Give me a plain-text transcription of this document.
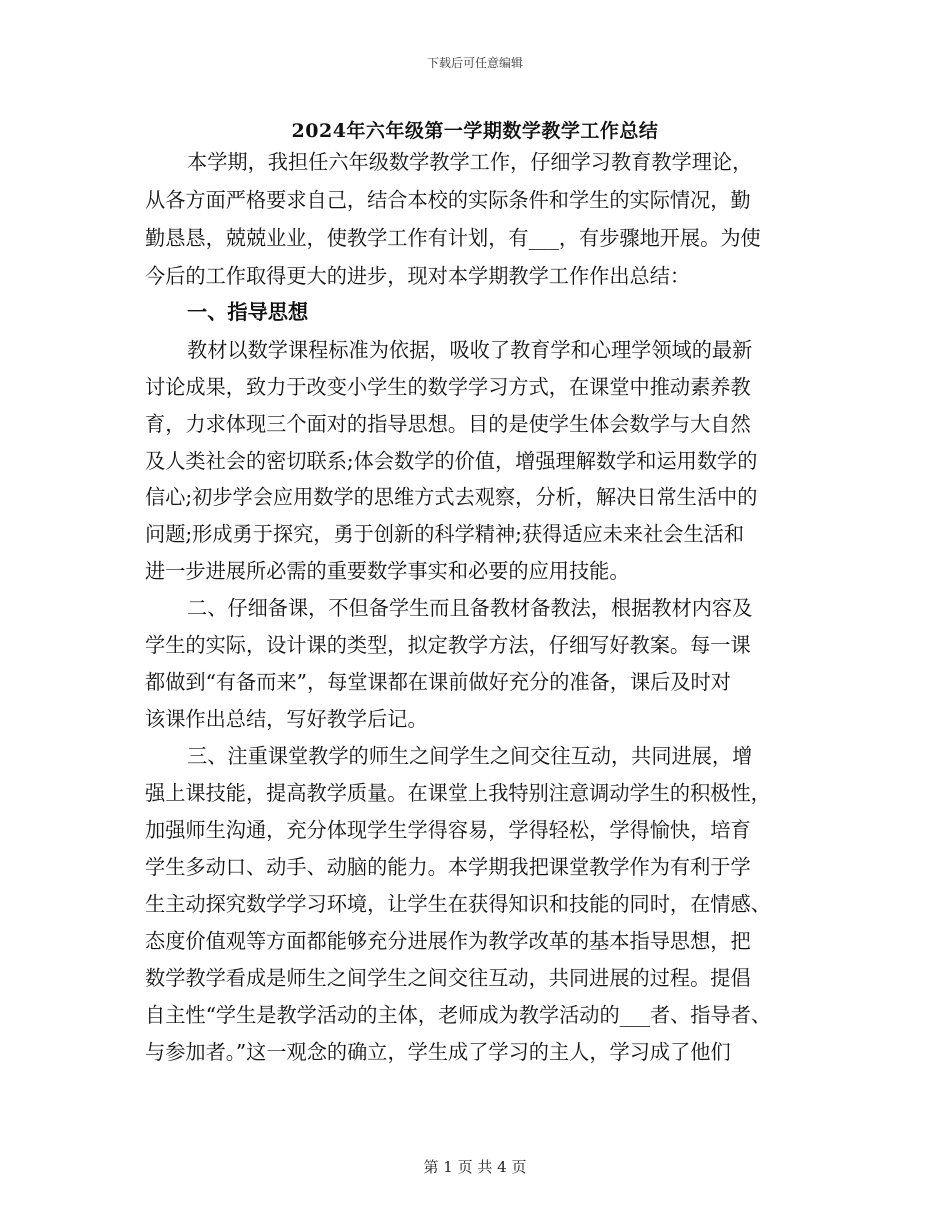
下载后可任意编辑
2024年六年级第一学期数学教学工作总结
本学期，我担任六年级数学教学工作，仔细学习教育教学理论，
从各方面严格要求自己，结合本校的实际条件和学生的实际情况，勤
勤恳恳，兢兢业业，使教学工作有计划，有___，有步骤地开展。为使
今后的工作取得更大的进步，现对本学期教学工作作出总结：
一、指导思想
教材以数学课程标准为依据，吸收了教育学和心理学领域的最新
讨论成果，致力于改变小学生的数学学习方式，在课堂中推动素养教
育，力求体现三个面对的指导思想。目的是使学生体会数学与大自然
及人类社会的密切联系;体会数学的价值，增强理解数学和运用数学的
信心;初步学会应用数学的思维方式去观察，分析，解决日常生活中的
问题;形成勇于探究，勇于创新的科学精神;获得适应未来社会生活和
进一步进展所必需的重要数学事实和必要的应用技能。
二、仔细备课，不但备学生而且备教材备教法，根据教材内容及
学生的实际，设计课的类型，拟定教学方法，仔细写好教案。每一课
都做到“有备而来”，每堂课都在课前做好充分的准备，课后及时对
该课作出总结，写好教学后记。
三、注重课堂教学的师生之间学生之间交往互动，共同进展，增
强上课技能，提高教学质量。在课堂上我特别注意调动学生的积极性，
加强师生沟通，充分体现学生学得容易，学得轻松，学得愉快，培育
学生多动口、动手、动脑的能力。本学期我把课堂教学作为有利于学
生主动探究数学学习环境，让学生在获得知识和技能的同时，在情感、
态度价值观等方面都能够充分进展作为教学改革的基本指导思想，把
数学教学看成是师生之间学生之间交往互动，共同进展的过程。提倡
自主性“学生是教学活动的主体，老师成为教学活动的___者、指导者、
与参加者。”这一观念的确立，学生成了学习的主人，学习成了他们
第 1 页 共 4 页
